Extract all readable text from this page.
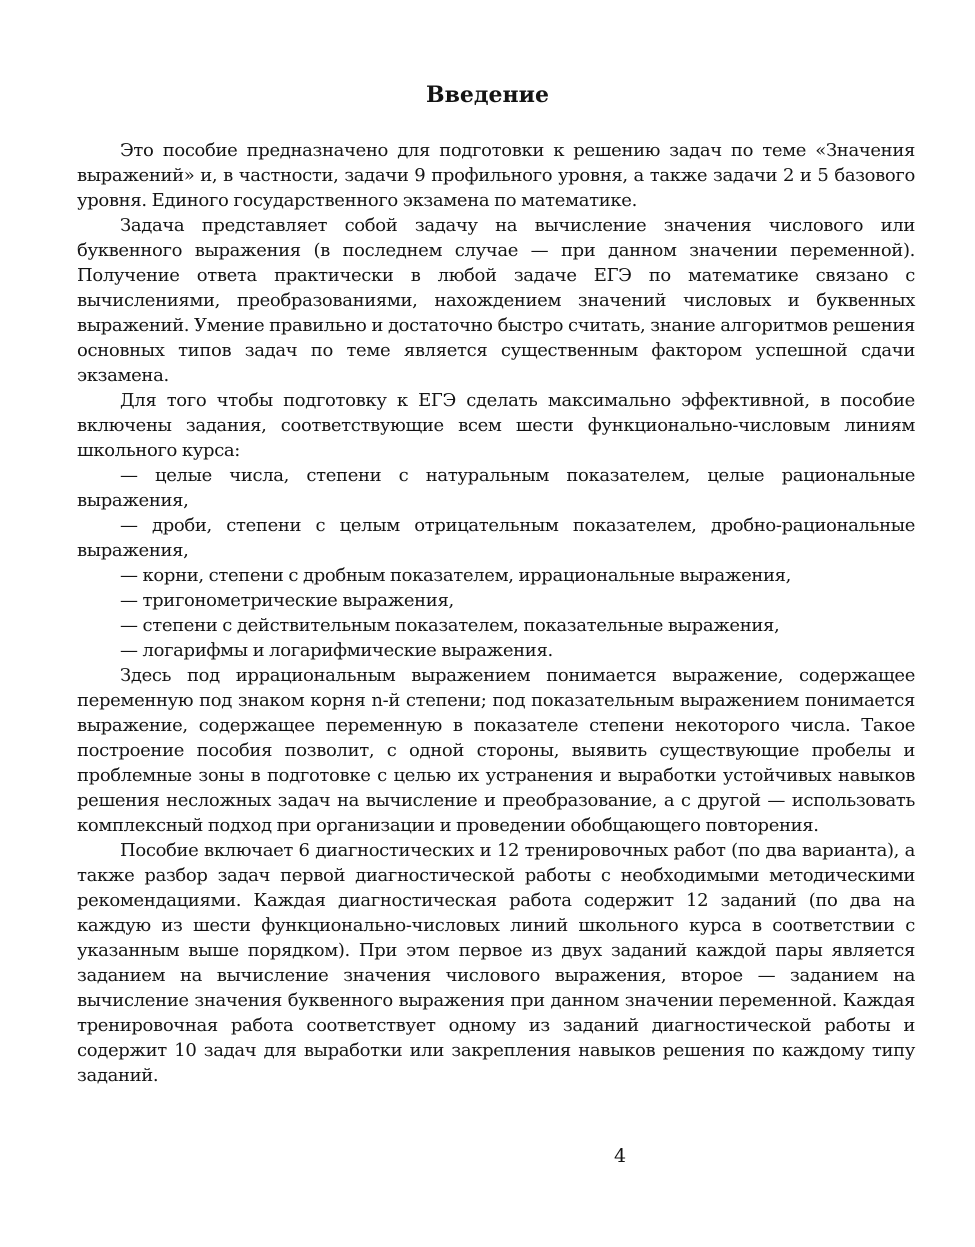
Введение

Это пособие предназначено для подготовки к решению задач по теме «Значения выражений» и, в частности, задачи 9 профильного уровня, а также задачи 2 и 5 базового уровня. Единого государственного экзамена по математике.

Задача представляет собой задачу на вычисление значения числового или буквенного выражения (в последнем случае — при данном значении переменной). Получение ответа практически в любой задаче ЕГЭ по математике связано с вычислениями, преобразованиями, нахождением значений числовых и буквенных выражений. Умение правильно и достаточно быстро считать, знание алгоритмов решения основных типов задач по теме является существенным фактором успешной сдачи экзамена.

Для того чтобы подготовку к ЕГЭ сделать максимально эффективной, в пособие включены задания, соответствующие всем шести функционально-числовым линиям школьного курса:

— целые числа, степени с натуральным показателем, целые рациональные выражения,

— дроби, степени с целым отрицательным показателем, дробно-рациональные выражения,

— корни, степени с дробным показателем, иррациональные выражения,

— тригонометрические выражения,

— степени с действительным показателем, показательные выражения,

— логарифмы и логарифмические выражения.

Здесь под иррациональным выражением понимается выражение, содержащее переменную под знаком корня n-й степени; под показательным выражением понимается выражение, содержащее переменную в показателе степени некоторого числа. Такое построение пособия позволит, с одной стороны, выявить существующие пробелы и проблемные зоны в подготовке с целью их устранения и выработки устойчивых навыков решения несложных задач на вычисление и преобразование, а с другой — использовать комплексный подход при организации и проведении обобщающего повторения.

Пособие включает 6 диагностических и 12 тренировочных работ (по два варианта), а также разбор задач первой диагностической работы с необходимыми методическими рекомендациями. Каждая диагностическая работа содержит 12 заданий (по два на каждую из шести функционально-числовых линий школьного курса в соответствии с указанным выше порядком). При этом первое из двух заданий каждой пары является заданием на вычисление значения числового выражения, второе — заданием на вычисление значения буквенного выражения при данном значении переменной. Каждая тренировочная работа соответствует одному из заданий диагностической работы и содержит 10 задач для выработки или закрепления навыков решения по каждому типу заданий.

4
